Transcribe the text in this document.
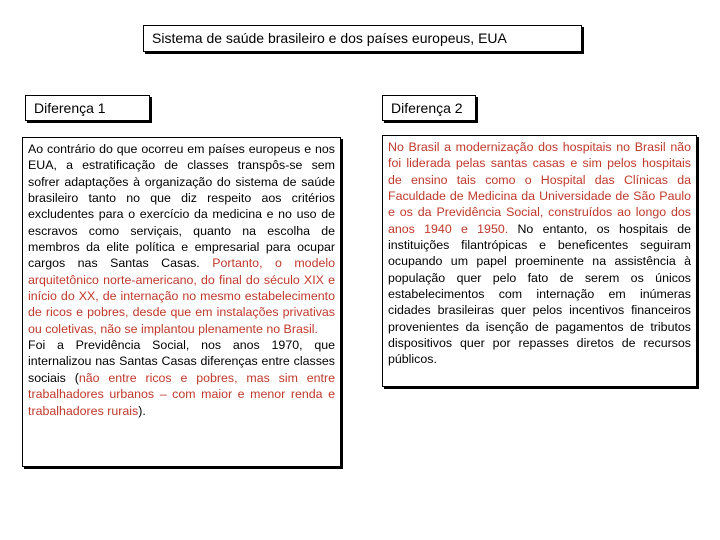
Sistema de saúde brasileiro e dos países europeus, EUA
Diferença 1	Diferença 2

Ao contrário do que ocorreu em países europeus e nos EUA, a estratificação de classes transpôs-se sem sofrer adaptações à organização do sistema de saúde brasileiro tanto no que diz respeito aos critérios excludentes para o exercício da medicina e no uso de escravos como serviçais, quanto na escolha de membros da elite política e empresarial para ocupar cargos nas Santas Casas. Portanto, o modelo arquitetônico norte-americano, do final do século XIX e início do XX, de internação no mesmo estabelecimento de ricos e pobres, desde que em instalações privativas ou coletivas, não se implantou plenamente no Brasil.

Foi a Previdência Social, nos anos 1970, que internalizou nas Santas Casas diferenças entre classes sociais (não entre ricos e pobres, mas sim entre trabalhadores urbanos – com maior e menor renda e trabalhadores rurais).

No Brasil a modernização dos hospitais no Brasil não foi liderada pelas santas casas e sim pelos hospitais de ensino tais como o Hospital das Clínicas da Faculdade de Medicina da Universidade de São Paulo e os da Previdência Social, construídos ao longo dos anos 1940 e 1950. No entanto, os hospitais de instituições filantrópicas e beneficentes seguiram ocupando um papel proeminente na assistência à população quer pelo fato de serem os únicos estabelecimentos com internação em inúmeras cidades brasileiras quer pelos incentivos financeiros provenientes da isenção de pagamentos de tributos dispositivos quer por repasses diretos de recursos públicos.
